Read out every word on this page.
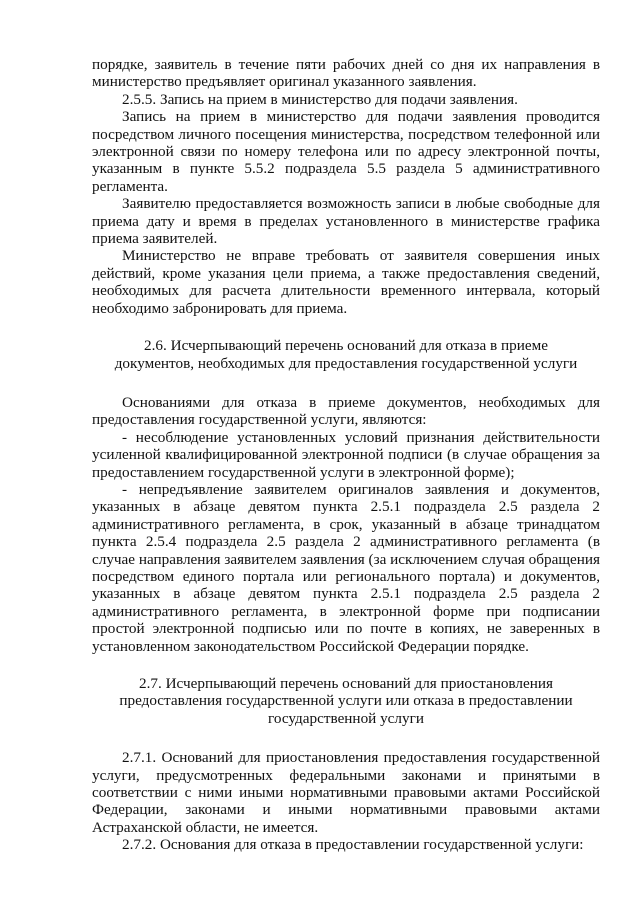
порядке, заявитель в течение пяти рабочих дней со дня их направления в министерство предъявляет оригинал указанного заявления.

2.5.5. Запись на прием в министерство для подачи заявления.

Запись на прием в министерство для подачи заявления проводится посредством личного посещения министерства, посредством телефонной или электронной связи по номеру телефона или по адресу электронной почты, указанным в пункте 5.5.2 подраздела 5.5 раздела 5 административного регламента.

Заявителю предоставляется возможность записи в любые свободные для приема дату и время в пределах установленного в министерстве графика приема заявителей.

Министерство не вправе требовать от заявителя совершения иных действий, кроме указания цели приема, а также предоставления сведений, необходимых для расчета длительности временного интервала, который необходимо забронировать для приема.

2.6. Исчерпывающий перечень оснований для отказа в приеме
документов, необходимых для предоставления государственной услуги

Основаниями для отказа в приеме документов, необходимых для предоставления государственной услуги, являются:

- несоблюдение установленных условий признания действительности усиленной квалифицированной электронной подписи (в случае обращения за предоставлением государственной услуги в электронной форме);

- непредъявление заявителем оригиналов заявления и документов, указанных в абзаце девятом пункта 2.5.1 подраздела 2.5 раздела 2 административного регламента, в срок, указанный в абзаце тринадцатом пункта 2.5.4 подраздела 2.5 раздела 2 административного регламента (в случае направления заявителем заявления (за исключением случая обращения посредством единого портала или регионального портала) и документов, указанных в абзаце девятом пункта 2.5.1 подраздела 2.5 раздела 2 административного регламента, в электронной форме при подписании простой электронной подписью или по почте в копиях, не заверенных в установленном законодательством Российской Федерации порядке.

2.7. Исчерпывающий перечень оснований для приостановления
предоставления государственной услуги или отказа в предоставлении
государственной услуги

2.7.1. Оснований для приостановления предоставления государственной услуги, предусмотренных федеральными законами и принятыми в соответствии с ними иными нормативными правовыми актами Российской Федерации, законами и иными нормативными правовыми актами Астраханской области, не имеется.

2.7.2. Основания для отказа в предоставлении государственной услуги:
